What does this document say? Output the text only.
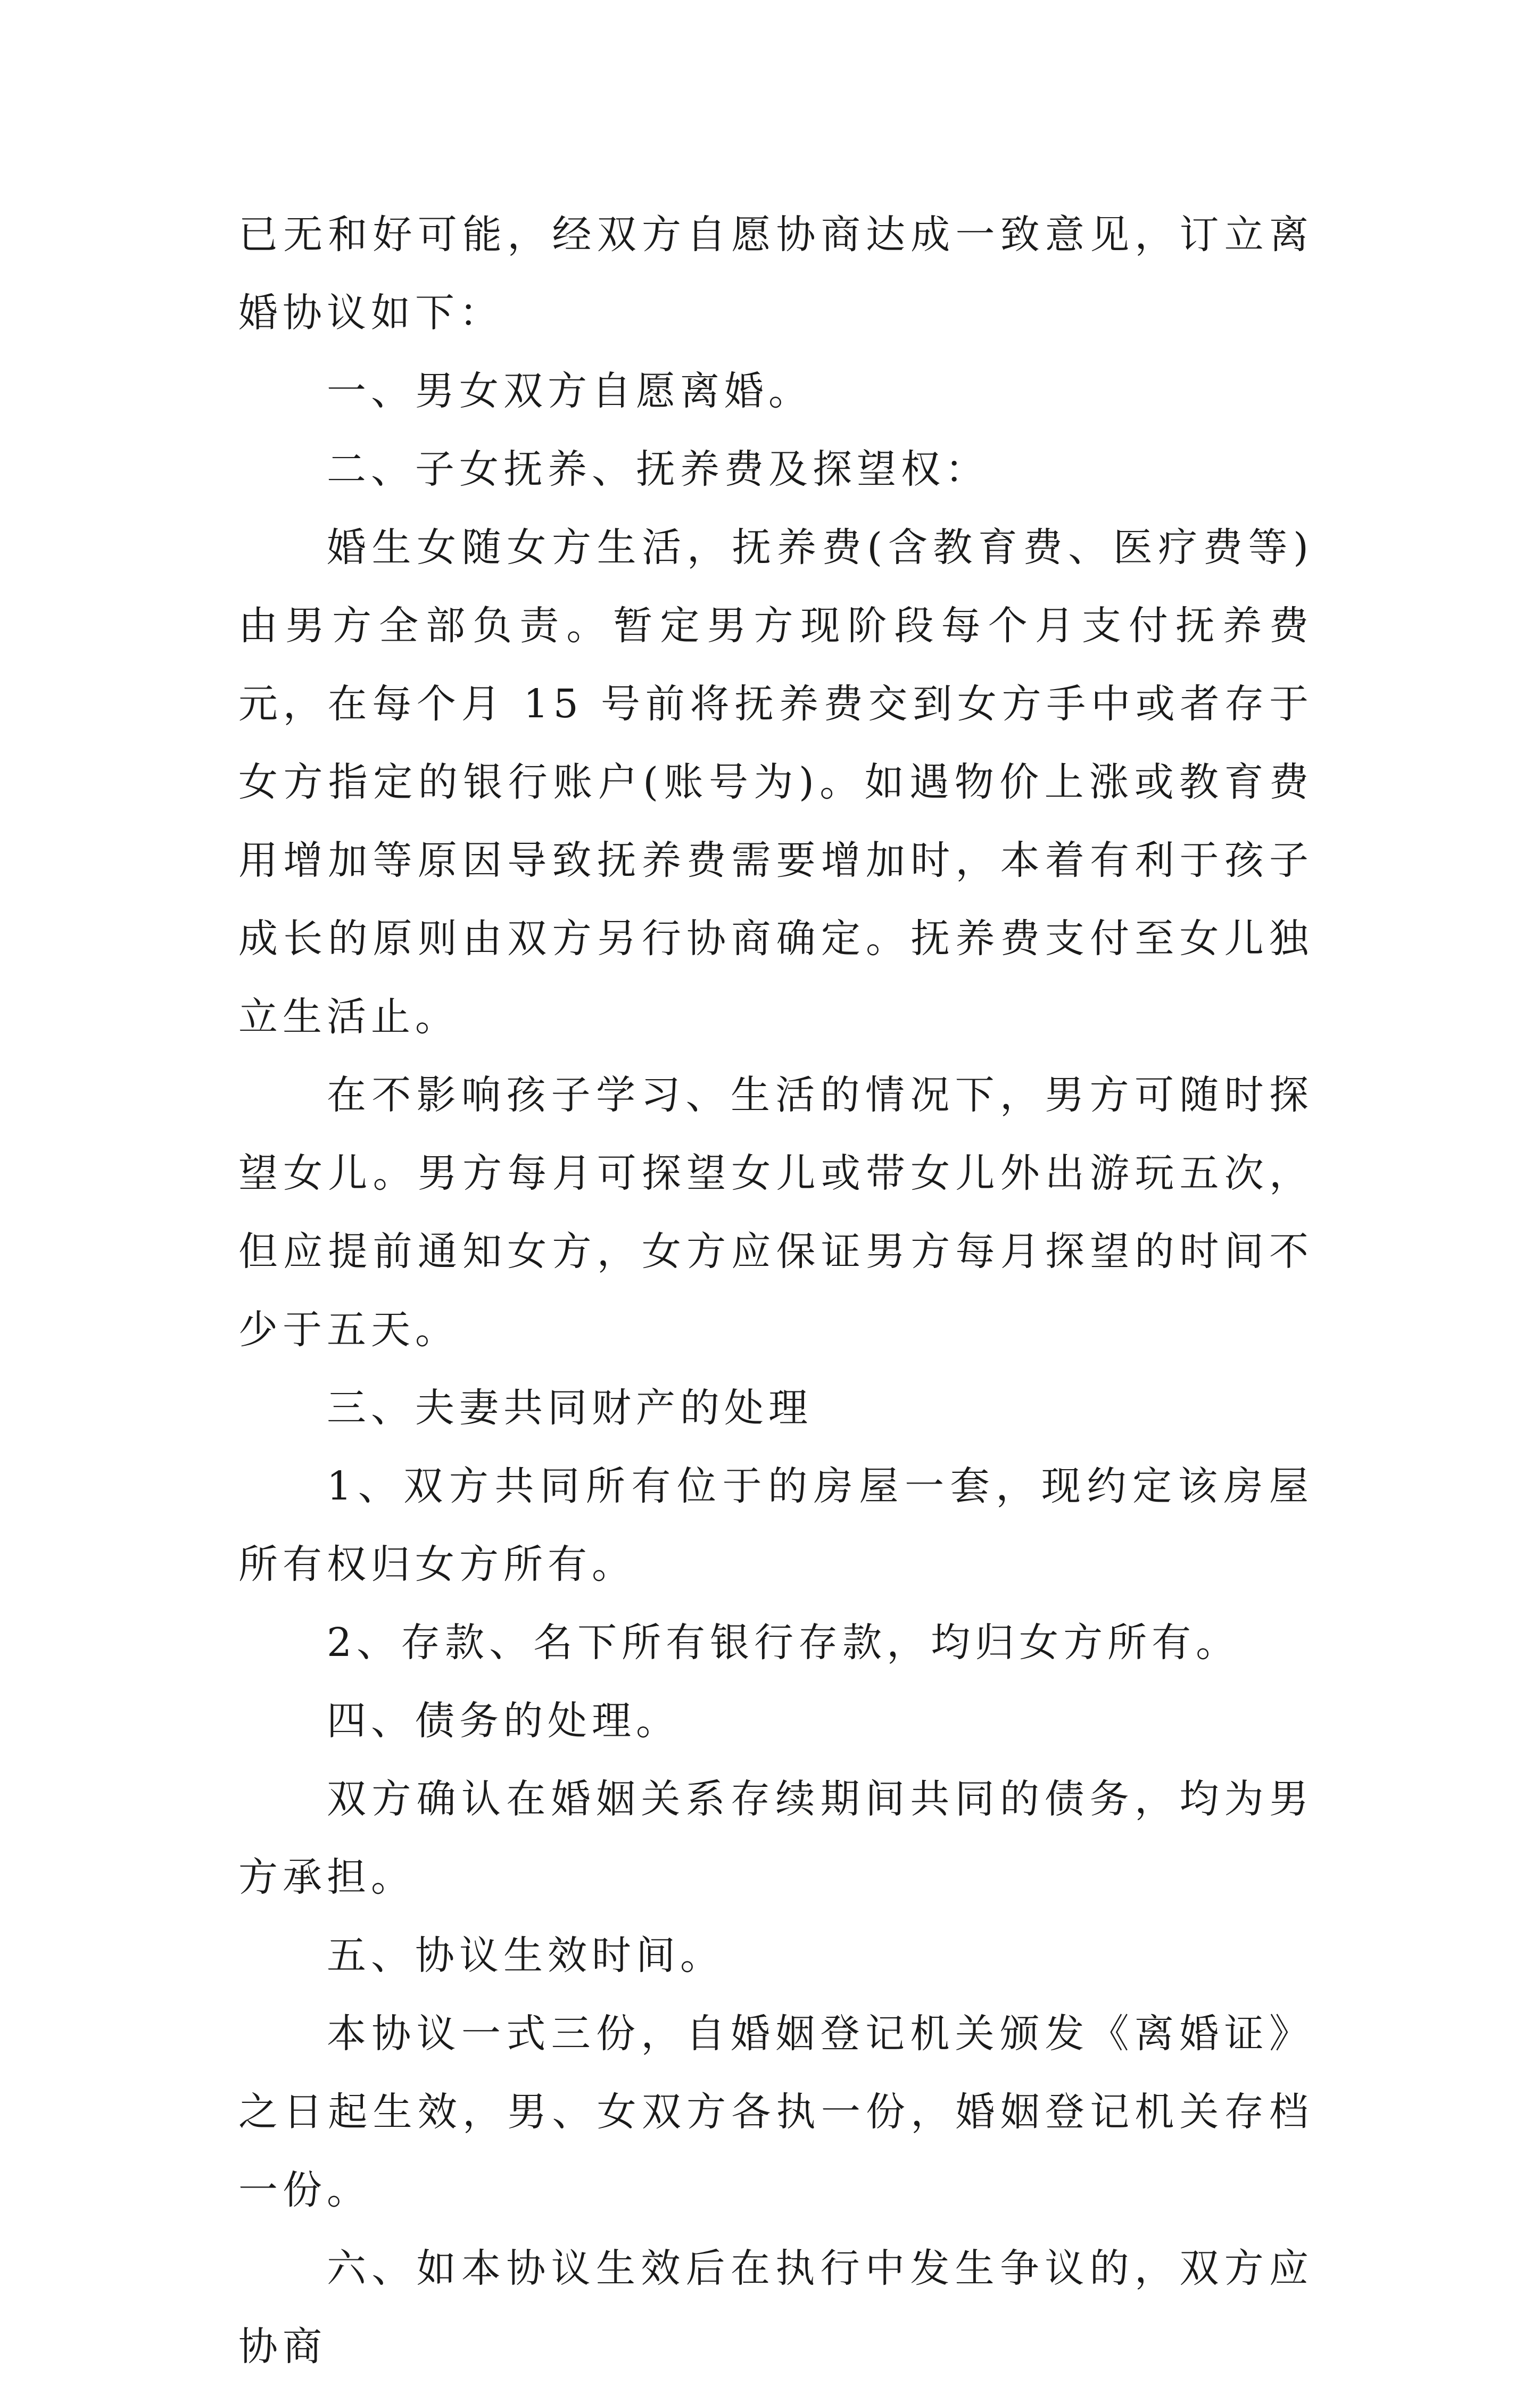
已无和好可能，经双方自愿协商达成一致意见，订立离婚协议如下：

一、男女双方自愿离婚。

二、子女抚养、抚养费及探望权：

婚生女随女方生活，抚养费(含教育费、医疗费等)由男方全部负责。暂定男方现阶段每个月支付抚养费元，在每个月 15 号前将抚养费交到女方手中或者存于女方指定的银行账户(账号为)。如遇物价上涨或教育费用增加等原因导致抚养费需要增加时，本着有利于孩子成长的原则由双方另行协商确定。抚养费支付至女儿独立生活止。

在不影响孩子学习、生活的情况下，男方可随时探望女儿。男方每月可探望女儿或带女儿外出游玩五次，但应提前通知女方，女方应保证男方每月探望的时间不少于五天。

三、夫妻共同财产的处理

1、双方共同所有位于的房屋一套，现约定该房屋所有权归女方所有。

2、存款、名下所有银行存款，均归女方所有。

四、债务的处理。

双方确认在婚姻关系存续期间共同的债务，均为男方承担。

五、协议生效时间。

本协议一式三份，自婚姻登记机关颁发《离婚证》之日起生效，男、女双方各执一份，婚姻登记机关存档一份。

六、如本协议生效后在执行中发生争议的，双方应协商
